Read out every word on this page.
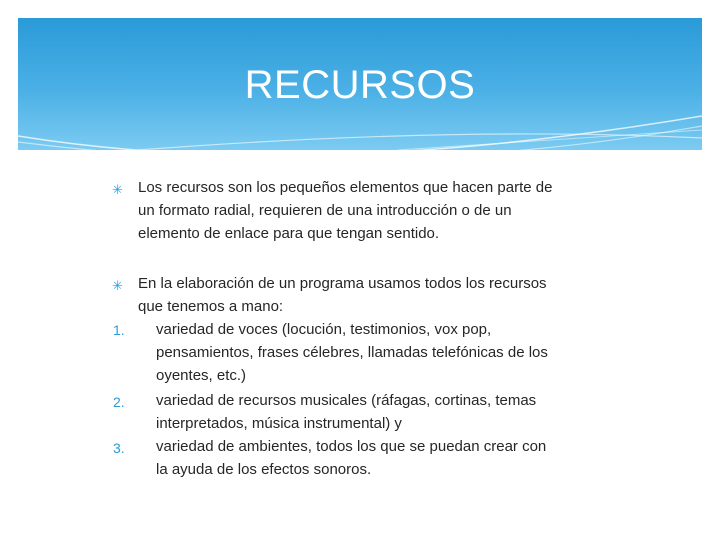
RECURSOS
✳ Los recursos son los pequeños elementos que hacen parte de
un formato radial, requieren de una introducción o de un
elemento de enlace para que tengan sentido.
✳ En la elaboración de un programa usamos todos los recursos
que tenemos a mano:
1. variedad de voces (locución, testimonios, vox pop,
pensamientos, frases célebres, llamadas telefónicas de los
oyentes, etc.)
2. variedad de recursos musicales (ráfagas, cortinas, temas
interpretados, música instrumental) y
3. variedad de ambientes, todos los que se puedan crear con
la ayuda de los efectos sonoros.
